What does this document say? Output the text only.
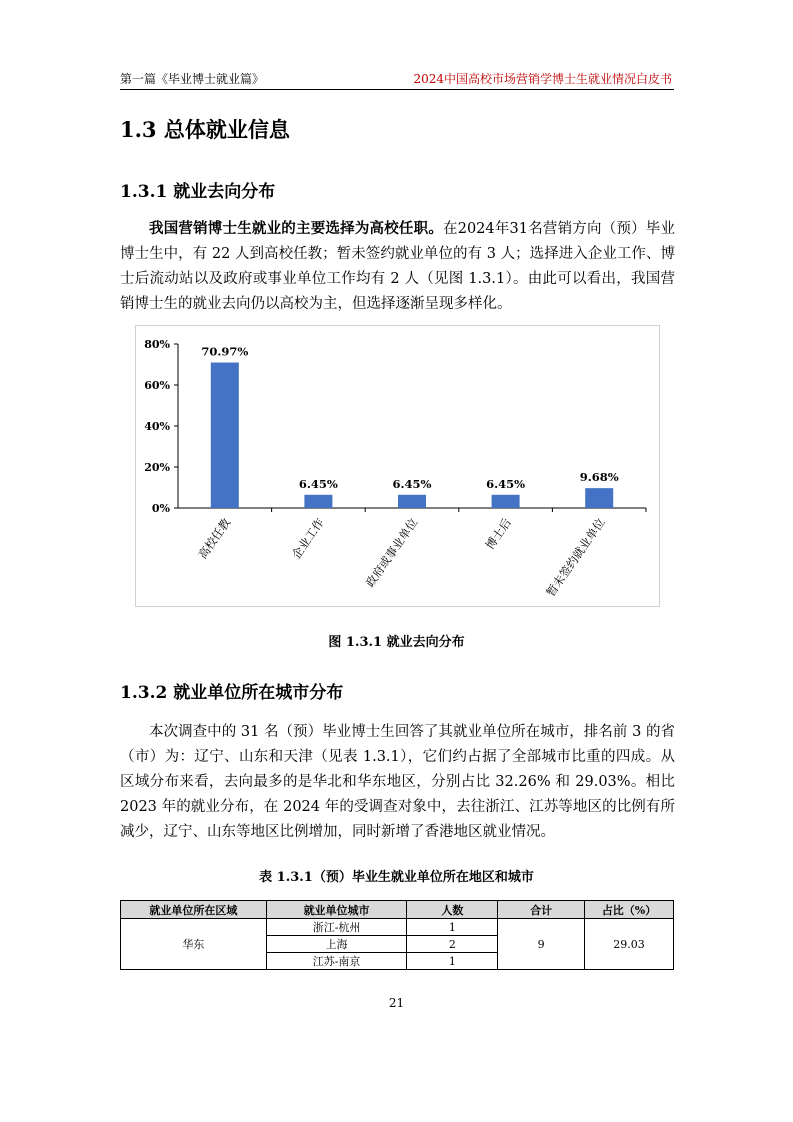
第一篇《毕业博士就业篇》	2024中国高校市场营销学博士生就业情况白皮书
1.3 总体就业信息
1.3.1 就业去向分布
我国营销博士生就业的主要选择为高校任职。在2024年31名营销方向（预）毕业博士生中，有 22 人到高校任教；暂未签约就业单位的有 3 人；选择进入企业工作、博士后流动站以及政府或事业单位工作均有 2 人（见图 1.3.1）。由此可以看出，我国营销博士生的就业去向仍以高校为主，但选择逐渐呈现多样化。
0%
20%
40%
60%
80%
70.97%
高校任教
6.45%
企业工作
6.45%
政府或事业单位
6.45%
博士后
9.68%
暂未签约就业单位
图 1.3.1 就业去向分布
1.3.2 就业单位所在城市分布
本次调查中的 31 名（预）毕业博士生回答了其就业单位所在城市，排名前 3 的省（市）为：辽宁、山东和天津（见表 1.3.1），它们约占据了全部城市比重的四成。从区域分布来看，去向最多的是华北和华东地区，分别占比 32.26% 和 29.03%。相比 2023 年的就业分布，在 2024 年的受调查对象中，去往浙江、江苏等地区的比例有所减少，辽宁、山东等地区比例增加，同时新增了香港地区就业情况。
表 1.3.1（预）毕业生就业单位所在地区和城市
就业单位所在区域	就业单位城市	人数	合计	占比（%）
华东	浙江-杭州	1	9	29.03
	上海	2		
	江苏-南京	1		
21
